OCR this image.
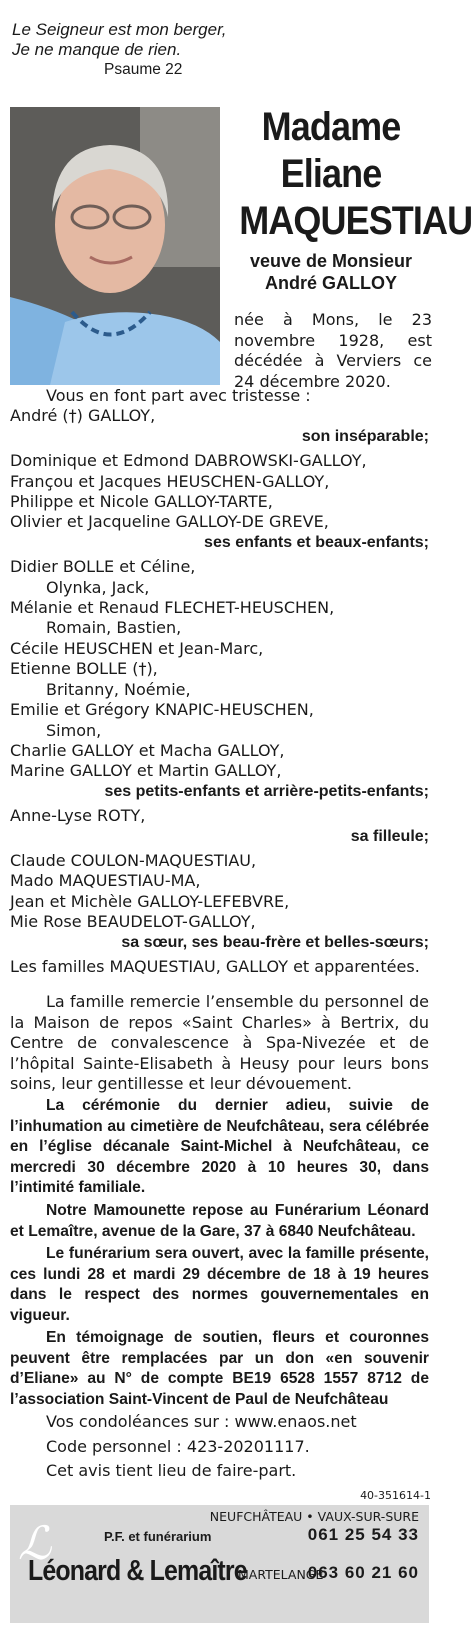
Le Seigneur est mon berger,
Je ne manque de rien.
Psaume 22
Madame
Eliane
MAQUESTIAU
veuve de Monsieur
André GALLOY
née à Mons, le 23 novembre 1928, est décédée à Verviers ce 24 décembre 2020.
Vous en font part avec tristesse :
André (†) GALLOY,
son inséparable;
Dominique et Edmond DABROWSKI-GALLOY,
Françou et Jacques HEUSCHEN-GALLOY,
Philippe et Nicole GALLOY-TARTE,
Olivier et Jacqueline GALLOY-DE GREVE,
ses enfants et beaux-enfants;
Didier BOLLE et Céline,
Olynka, Jack,
Mélanie et Renaud FLECHET-HEUSCHEN,
Romain, Bastien,
Cécile HEUSCHEN et Jean-Marc,
Etienne BOLLE (†),
Britanny, Noémie,
Emilie et Grégory KNAPIC-HEUSCHEN,
Simon,
Charlie GALLOY et Macha GALLOY,
Marine GALLOY et Martin GALLOY,
ses petits-enfants et arrière-petits-enfants;
Anne-Lyse ROTY,
sa filleule;
Claude COULON-MAQUESTIAU,
Mado MAQUESTIAU-MA,
Jean et Michèle GALLOY-LEFEBVRE,
Mie Rose BEAUDELOT-GALLOY,
sa sœur, ses beau-frère et belles-sœurs;
Les familles MAQUESTIAU, GALLOY et apparentées.
La famille remercie l’ensemble du personnel de la Maison de repos «Saint Charles» à Bertrix, du Centre de convalescence à Spa-Nivezée et de l’hôpital Sainte-Elisabeth à Heusy pour leurs bons soins, leur gentillesse et leur dévouement.
La cérémonie du dernier adieu, suivie de l’inhumation au cimetière de Neufchâteau, sera célébrée en l’église décanale Saint-Michel à Neufchâteau, ce mercredi 30 décembre 2020 à 10 heures 30, dans l’intimité familiale.
Notre Mamounette repose au Funérarium Léonard et Lemaître, avenue de la Gare, 37 à 6840 Neufchâteau.
Le funérarium sera ouvert, avec la famille présente, ces lundi 28 et mardi 29 décembre de 18 à 19 heures dans le respect des normes gouvernementales en vigueur.
En témoignage de soutien, fleurs et couronnes peuvent être remplacées par un don «en souvenir d’Eliane» au N° de compte BE19 6528 1557 8712 de l’association Saint-Vincent de Paul de Neufchâteau
Vos condoléances sur : www.enaos.net
Code personnel : 423-20201117.
Cet avis tient lieu de faire-part.
40-351614-1
ℒ	P.F. et funérarium
Léonard & Lemaître
NEUFCHÂTEAU • VAUX-SUR-SURE
061 25 54 33
MARTELANGE
063 60 21 60
